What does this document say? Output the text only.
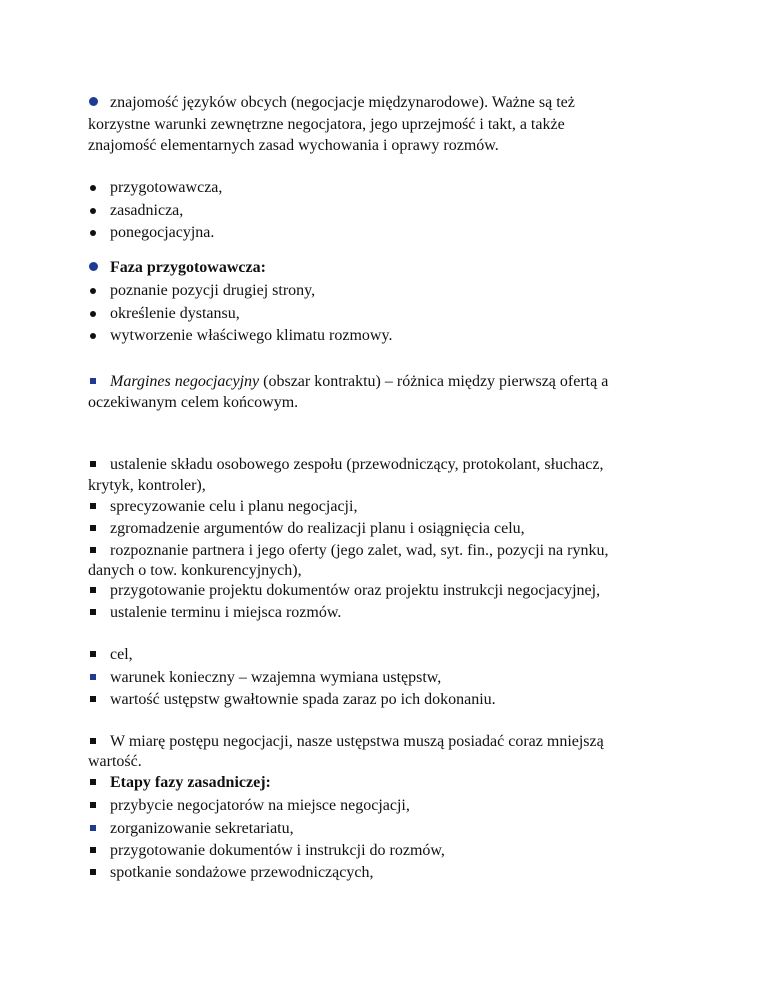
znajomość języków obcych (negocjacje międzynarodowe). Ważne są też
korzystne warunki zewnętrzne negocjatora, jego uprzejmość i takt, a także
znajomość elementarnych zasad wychowania i oprawy rozmów.
przygotowawcza,
zasadnicza,
ponegocjacyjna.
Faza przygotowawcza:
poznanie pozycji drugiej strony,
określenie dystansu,
wytworzenie właściwego klimatu rozmowy.
Margines negocjacyjny (obszar kontraktu) – różnica między pierwszą ofertą a
oczekiwanym celem końcowym.
ustalenie składu osobowego zespołu (przewodniczący, protokolant, słuchacz,
krytyk, kontroler),
sprecyzowanie celu i planu negocjacji,
zgromadzenie argumentów do realizacji planu i osiągnięcia celu,
rozpoznanie partnera i jego oferty (jego zalet, wad, syt. fin., pozycji na rynku,
danych o tow. konkurencyjnych),
przygotowanie projektu dokumentów oraz projektu instrukcji negocjacyjnej,
ustalenie terminu i miejsca rozmów.
cel,
warunek konieczny – wzajemna wymiana ustępstw,
wartość ustępstw gwałtownie spada zaraz po ich dokonaniu.
W miarę postępu negocjacji, nasze ustępstwa muszą posiadać coraz mniejszą
wartość.
Etapy fazy zasadniczej:
przybycie negocjatorów na miejsce negocjacji,
zorganizowanie sekretariatu,
przygotowanie dokumentów i instrukcji do rozmów,
spotkanie sondażowe przewodniczących,
